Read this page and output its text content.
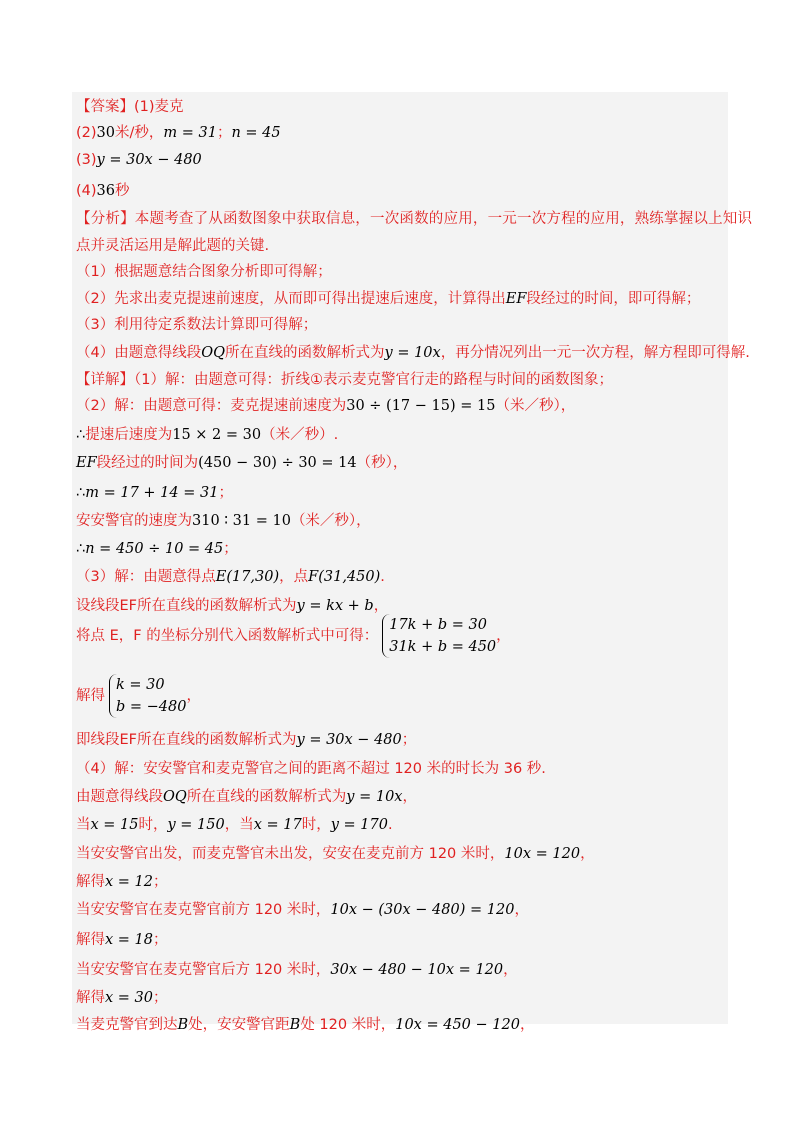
【答案】(1)麦克
(2)30米/秒，m = 31；n = 45
(3)y = 30x − 480
(4)36秒
【分析】本题考查了从函数图象中获取信息，一次函数的应用，一元一次方程的应用，熟练掌握以上知识
点并灵活运用是解此题的关键.
（1）根据题意结合图象分析即可得解；
（2）先求出麦克提速前速度，从而即可得出提速后速度，计算得出EF段经过的时间，即可得解；
（3）利用待定系数法计算即可得解；
（4）由题意得线段OQ所在直线的函数解析式为y = 10x，再分情况列出一元一次方程，解方程即可得解.
【详解】（1）解：由题意可得：折线①表示麦克警官行走的路程与时间的函数图象；
（2）解：由题意可得：麦克提速前速度为30 ÷ (17 − 15) = 15（米／秒），
∴提速后速度为15 × 2 = 30（米／秒）.
EF段经过的时间为(450 − 30) ÷ 30 = 14（秒），
∴m = 17 + 14 = 31；
安安警官的速度为310 ∶ 31 = 10（米／秒），
∴n = 450 ÷ 10 = 45；
（3）解：由题意得点E(17,30)，点F(31,450).
设线段EF所在直线的函数解析式为y = kx + b，
将点 E，F 的坐标分别代入函数解析式中可得：
17k + b = 30
31k + b = 450
，
解得
k = 30
b = −480
，
即线段EF所在直线的函数解析式为y = 30x − 480；
（4）解：安安警官和麦克警官之间的距离不超过 120 米的时长为 36 秒.
由题意得线段OQ所在直线的函数解析式为y = 10x，
当x = 15时，y = 150，当x = 17时，y = 170.
当安安警官出发，而麦克警官未出发，安安在麦克前方 120 米时，10x = 120，
解得x = 12；
当安安警官在麦克警官前方 120 米时，10x − (30x − 480) = 120，
解得x = 18；
当安安警官在麦克警官后方 120 米时，30x − 480 − 10x = 120，
解得x = 30；
当麦克警官到达B处，安安警官距B处 120 米时，10x = 450 − 120，
